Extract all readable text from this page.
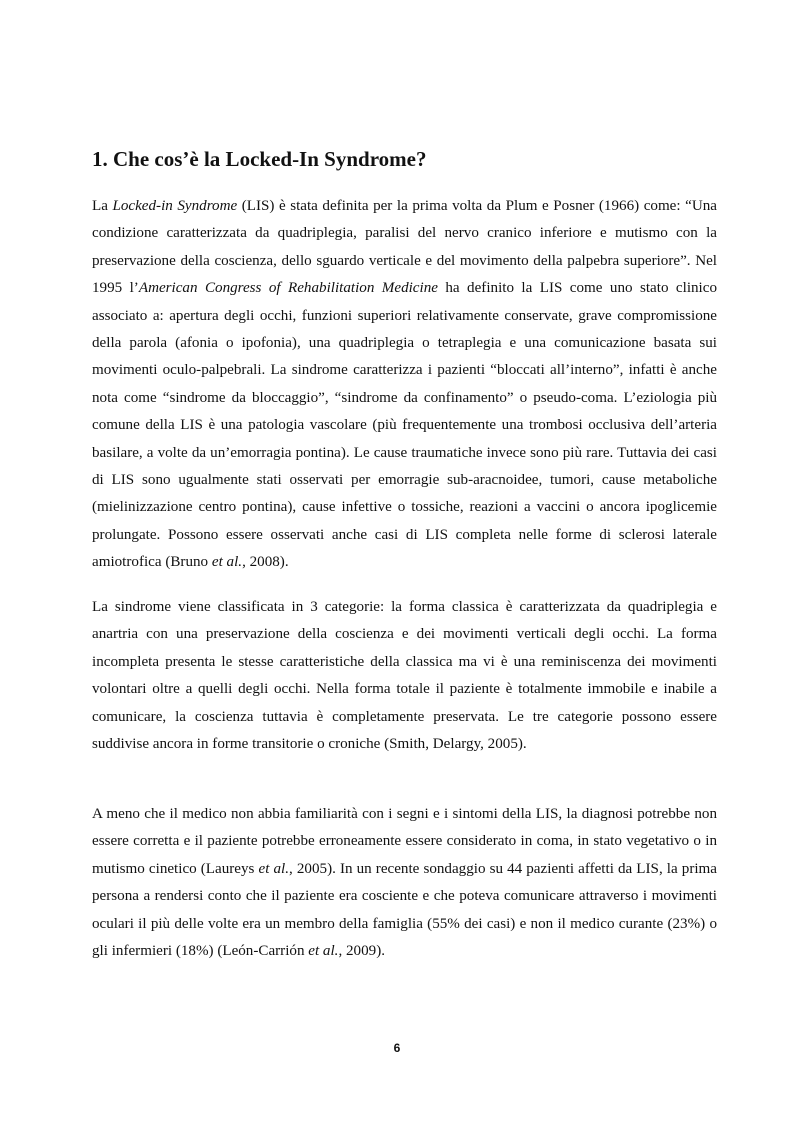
1. Che cos’è la Locked-In Syndrome?

La Locked-in Syndrome (LIS) è stata definita per la prima volta da Plum e Posner (1966) come: “Una condizione caratterizzata da quadriplegia, paralisi del nervo cranico inferiore e mutismo con la preservazione della coscienza, dello sguardo verticale e del movimento della palpebra superiore”. Nel 1995 l’American Congress of Rehabilitation Medicine ha definito la LIS come uno stato clinico associato a: apertura degli occhi, funzioni superiori relativamente conservate, grave compromissione della parola (afonia o ipofonia), una quadriplegia o tetraplegia e una comunicazione basata sui movimenti oculo-palpebrali. La sindrome caratterizza i pazienti “bloccati all’interno”, infatti è anche nota come “sindrome da bloccaggio”, “sindrome da confinamento” o pseudo-coma. L’eziologia più comune della LIS è una patologia vascolare (più frequentemente una trombosi occlusiva dell’arteria basilare, a volte da un’emorragia pontina). Le cause traumatiche invece sono più rare. Tuttavia dei casi di LIS sono ugualmente stati osservati per emorragie sub-aracnoidee, tumori, cause metaboliche (mielinizzazione centro pontina), cause infettive o tossiche, reazioni a vaccini o ancora ipoglicemie prolungate. Possono essere osservati anche casi di LIS completa nelle forme di sclerosi laterale amiotrofica (Bruno et al., 2008).

La sindrome viene classificata in 3 categorie: la forma classica è caratterizzata da quadriplegia e anartria con una preservazione della coscienza e dei movimenti verticali degli occhi. La forma incompleta presenta le stesse caratteristiche della classica ma vi è una reminiscenza dei movimenti volontari oltre a quelli degli occhi. Nella forma totale il paziente è totalmente immobile e inabile a comunicare, la coscienza tuttavia è completamente preservata. Le tre categorie possono essere suddivise ancora in forme transitorie o croniche (Smith, Delargy, 2005).

A meno che il medico non abbia familiarità con i segni e i sintomi della LIS, la diagnosi potrebbe non essere corretta e il paziente potrebbe erroneamente essere considerato in coma, in stato vegetativo o in mutismo cinetico (Laureys et al., 2005). In un recente sondaggio su 44 pazienti affetti da LIS, la prima persona a rendersi conto che il paziente era cosciente e che poteva comunicare attraverso i movimenti oculari il più delle volte era un membro della famiglia (55% dei casi) e non il medico curante (23%) o gli infermieri (18%) (León-Carrión et al., 2009).

6
